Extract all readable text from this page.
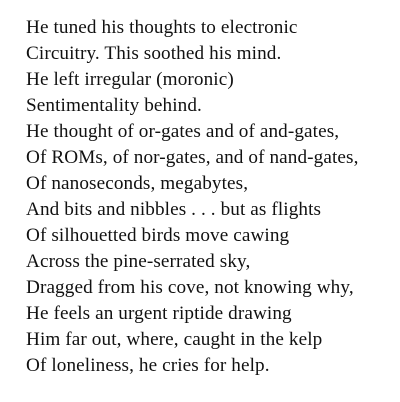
He tuned his thoughts to electronic
Circuitry. This soothed his mind.
He left irregular (moronic)
Sentimentality behind.
He thought of or-gates and of and-gates,
Of ROMs, of nor-gates, and of nand-gates,
Of nanoseconds, megabytes,
And bits and nibbles . . . but as flights
Of silhouetted birds move cawing
Across the pine-serrated sky,
Dragged from his cove, not knowing why,
He feels an urgent riptide drawing
Him far out, where, caught in the kelp
Of loneliness, he cries for help.
